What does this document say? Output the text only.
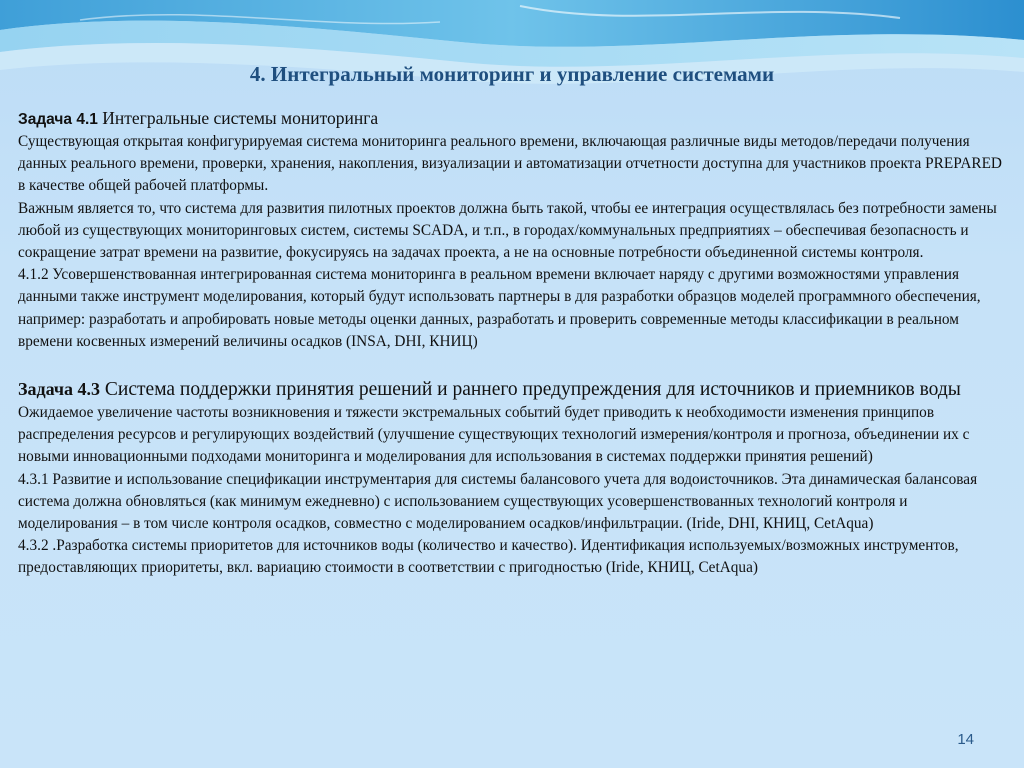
4. Интегральный мониторинг и управление системами

Задача 4.1 Интегральные системы мониторинга

Существующая открытая конфигурируемая система мониторинга реального времени, включающая различные виды методов/передачи получения данных реального времени, проверки, хранения, накопления, визуализации и автоматизации отчетности доступна для участников проекта PREPARED в качестве общей рабочей платформы.

Важным является то, что система для развития пилотных проектов должна быть такой, чтобы ее интеграция осуществлялась без потребности замены любой из существующих мониторинговых систем, системы SCADA, и т.п., в городах/коммунальных предприятиях – обеспечивая безопасность и сокращение затрат времени на развитие, фокусируясь на задачах проекта, а не на основные потребности объединенной системы контроля.

4.1.2 Усовершенствованная интегрированная система мониторинга в реальном времени включает наряду с другими возможностями управления данными также инструмент моделирования, который будут использовать партнеры в для разработки образцов моделей программного обеспечения, например: разработать и апробировать новые методы оценки данных, разработать и проверить современные методы классификации в реальном времени косвенных измерений величины осадков (INSA, DHI, КНИЦ)

Задача 4.3 Система поддержки принятия решений и раннего предупреждения для источников и приемников воды

Ожидаемое увеличение частоты возникновения и тяжести экстремальных событий будет приводить к необходимости изменения принципов распределения ресурсов и регулирующих воздействий (улучшение существующих технологий измерения/контроля и прогноза, объединении их с новыми инновационными подходами мониторинга и моделирования для использования в системах поддержки принятия решений)

4.3.1 Развитие и использование спецификации инструментария для системы балансового учета для водоисточников. Эта динамическая балансовая система должна обновляться (как минимум ежедневно) с использованием существующих усовершенствованных технологий контроля и моделирования – в том числе контроля осадков, совместно с моделированием осадков/инфильтрации. (Iride, DHI, КНИЦ, CetAqua)

4.3.2 .Разработка системы приоритетов для источников воды (количество и качество). Идентификация используемых/возможных инструментов, предоставляющих приоритеты, вкл. вариацию стоимости в соответствии с пригодностью (Iride, КНИЦ, CetAqua)

14
